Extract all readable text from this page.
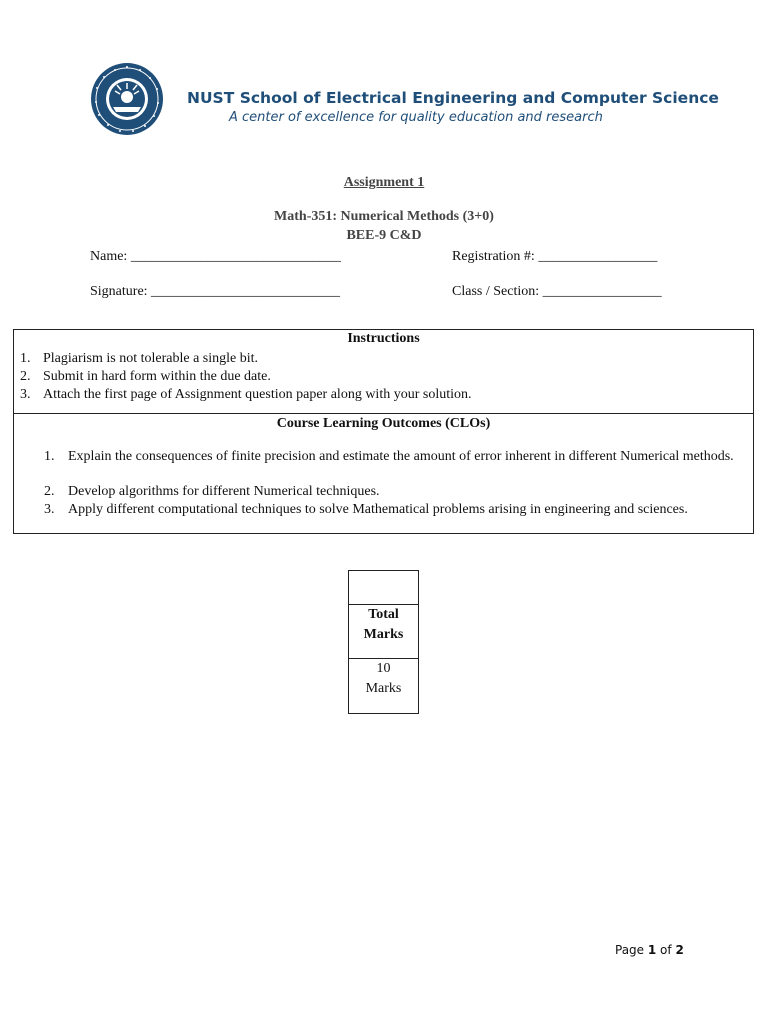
NUST School of Electrical Engineering and Computer Science
A center of excellence for quality education and research
Assignment 1
Math-351: Numerical Methods (3+0)
BEE-9 C&D
Name: ______________________________	Registration #: _________________
Signature: ___________________________	Class / Section: _________________
Instructions
1. Plagiarism is not tolerable a single bit.
2. Submit in hard form within the due date.
3. Attach the first page of Assignment question paper along with your solution.
Course Learning Outcomes (CLOs)
1. Explain the consequences of finite precision and estimate the amount of error inherent in different Numerical methods.
2. Develop algorithms for different Numerical techniques.
3. Apply different computational techniques to solve Mathematical problems arising in engineering and sciences.
Total
Marks
10
Marks
Page 1 of 2
